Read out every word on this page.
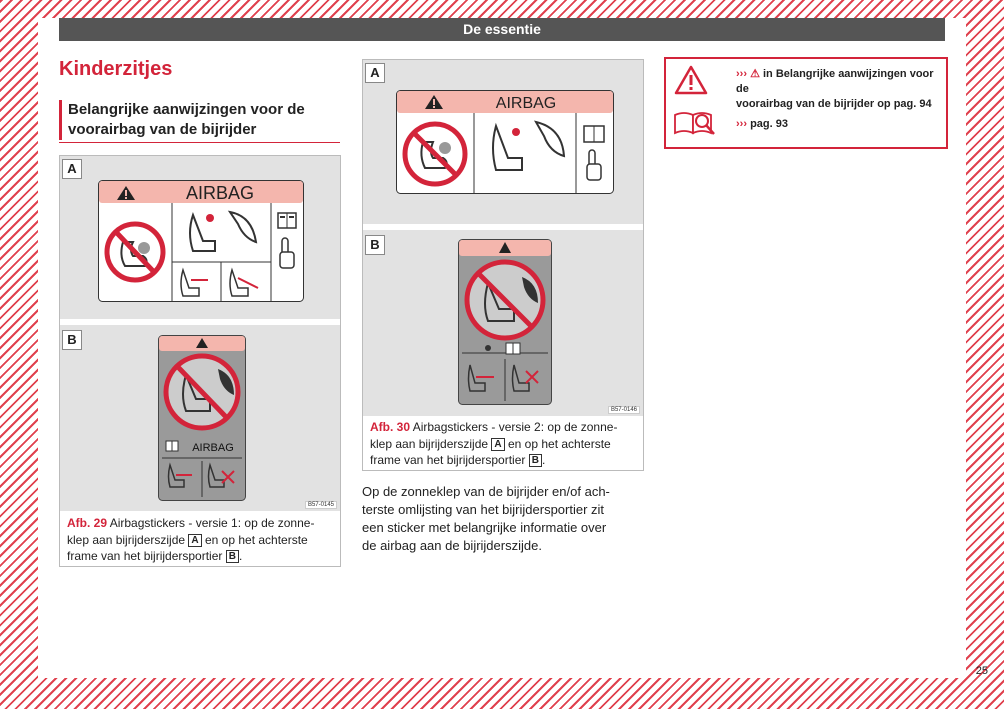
De essentie
Kinderzitjes
Belangrijke aanwijzingen voor de voorairbag van de bijrijder
A
AIRBAG
B
AIRBAG
B57-0145
Afb. 29 Airbagstickers - versie 1: op de zonne-
klep aan bijrijderszijde A en op het achterste
frame van het bijrijdersportier B .
A
AIRBAG
B
B57-0146
Afb. 30 Airbagstickers - versie 2: op de zonne-
klep aan bijrijderszijde A en op het achterste
frame van het bijrijdersportier B .
Op de zonneklep van de bijrijder en/of ach-
terste omlijsting van het bijrijdersportier zit
een sticker met belangrijke informatie over
de airbag aan de bijrijderszijde.
››› ⚠ in Belangrijke aanwijzingen voor de
voorairbag van de bijrijder op pag. 94
››› pag. 93
25
